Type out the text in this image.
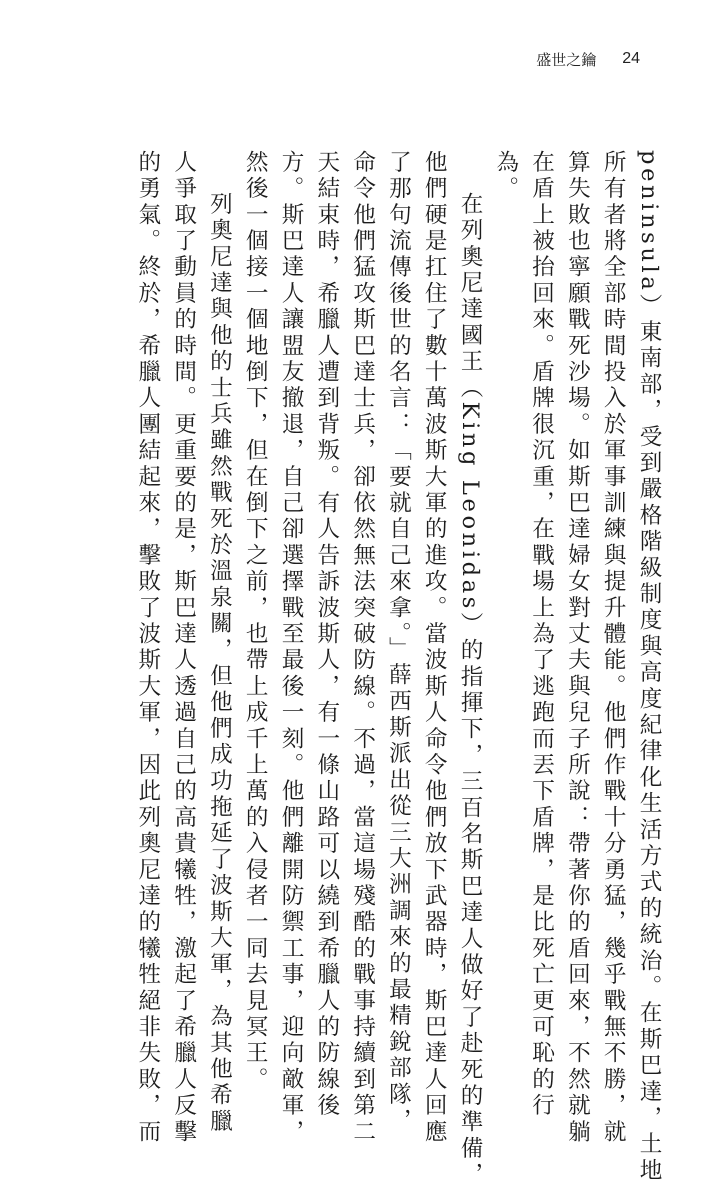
盛世之鑰 24
peninsula）東南部，受到嚴格階級制度與高度紀律化生活方式的統治。在斯巴達，土地
所有者將全部時間投入於軍事訓練與提升體能。他們作戰十分勇猛，幾乎戰無不勝，就
算失敗也寧願戰死沙場。如斯巴達婦女對丈夫與兒子所說：帶著你的盾回來，不然就躺
在盾上被抬回來。盾牌很沉重，在戰場上為了逃跑而丟下盾牌，是比死亡更可恥的行
為。
在列奧尼達國王（King Leonidas）的指揮下，三百名斯巴達人做好了赴死的準備，
他們硬是扛住了數十萬波斯大軍的進攻。當波斯人命令他們放下武器時，斯巴達人回應
了那句流傳後世的名言：「要就自己來拿。」薛西斯派出從三大洲調來的最精銳部隊，
命令他們猛攻斯巴達士兵，卻依然無法突破防線。不過，當這場殘酷的戰事持續到第二
天結束時，希臘人遭到背叛。有人告訴波斯人，有一條山路可以繞到希臘人的防線後
方。斯巴達人讓盟友撤退，自己卻選擇戰至最後一刻。他們離開防禦工事，迎向敵軍，
然後一個接一個地倒下，但在倒下之前，也帶上成千上萬的入侵者一同去見冥王。
列奧尼達與他的士兵雖然戰死於溫泉關，但他們成功拖延了波斯大軍，為其他希臘
人爭取了動員的時間。更重要的是，斯巴達人透過自己的高貴犧牲，激起了希臘人反擊
的勇氣。終於，希臘人團結起來，擊敗了波斯大軍，因此列奧尼達的犧牲絕非失敗，而
